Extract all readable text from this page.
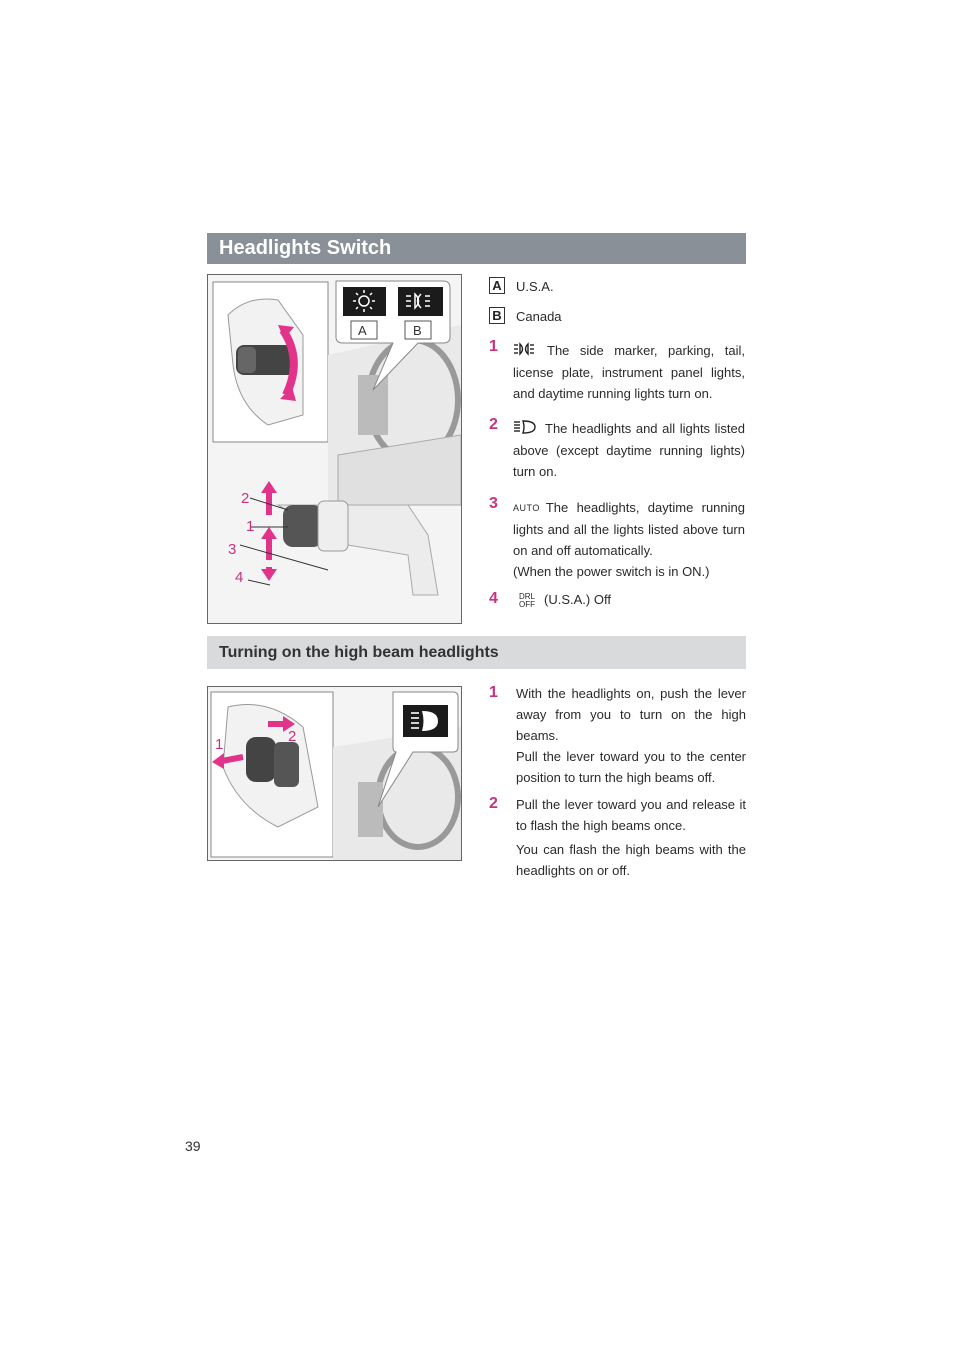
Headlights Switch
A	B
2
1
3
4
A U.S.A.
B Canada
1	The side marker, parking, tail, license plate, instrument panel lights, and daytime running lights turn on.
2	The headlights and all lights listed above (except daytime running lights) turn on.
3 AUTO The headlights, daytime running lights and all the lights listed above turn on and off automatically.
(When the power switch is in ON.)
4	DRL OFF (U.S.A.) Off
Turning on the high beam headlights
1	2
1 With the headlights on, push the lever away from you to turn on the high beams.
Pull the lever toward you to the center position to turn the high beams off.
2 Pull the lever toward you and release it to flash the high beams once.
You can flash the high beams with the headlights on or off.
39
